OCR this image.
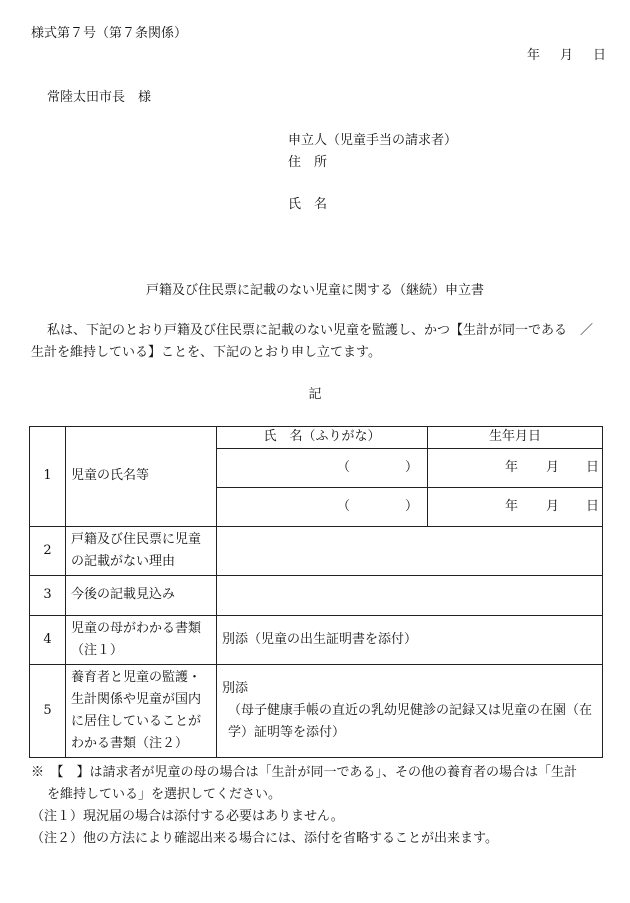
様式第７号（第７条関係）
年 月 日
常陸太田市長　様
申立人（児童手当の請求者）
住　所
氏　名
戸籍及び住民票に記載のない児童に関する（継続）申立書
私は、下記のとおり戸籍及び住民票に記載のない児童を監護し、かつ【生計が同一である　／
生計を維持している】ことを、下記のとおり申し立てます。
記
1	児童の氏名等	氏　名（ふりがな）	生年月日

		（ ）	年 月 日

		（ ）	年 月 日

2	戸籍及び住民票に児童の記載がない理由		
3	今後の記載見込み		
4	児童の母がわかる書類（注１）	別添（児童の出生証明書を添付）	
5	養育者と児童の監護・生計関係や児童が国内に居住していることがわかる書類（注２）	別添
（母子健康手帳の直近の乳幼児健診の記録又は児童の在園（在学）証明等を添付）	
※　【　】は請求者が児童の母の場合は「生計が同一である」、その他の養育者の場合は「生計
を維持している」を選択してください。
（注１）現況届の場合は添付する必要はありません。
（注２）他の方法により確認出来る場合には、添付を省略することが出来ます。
